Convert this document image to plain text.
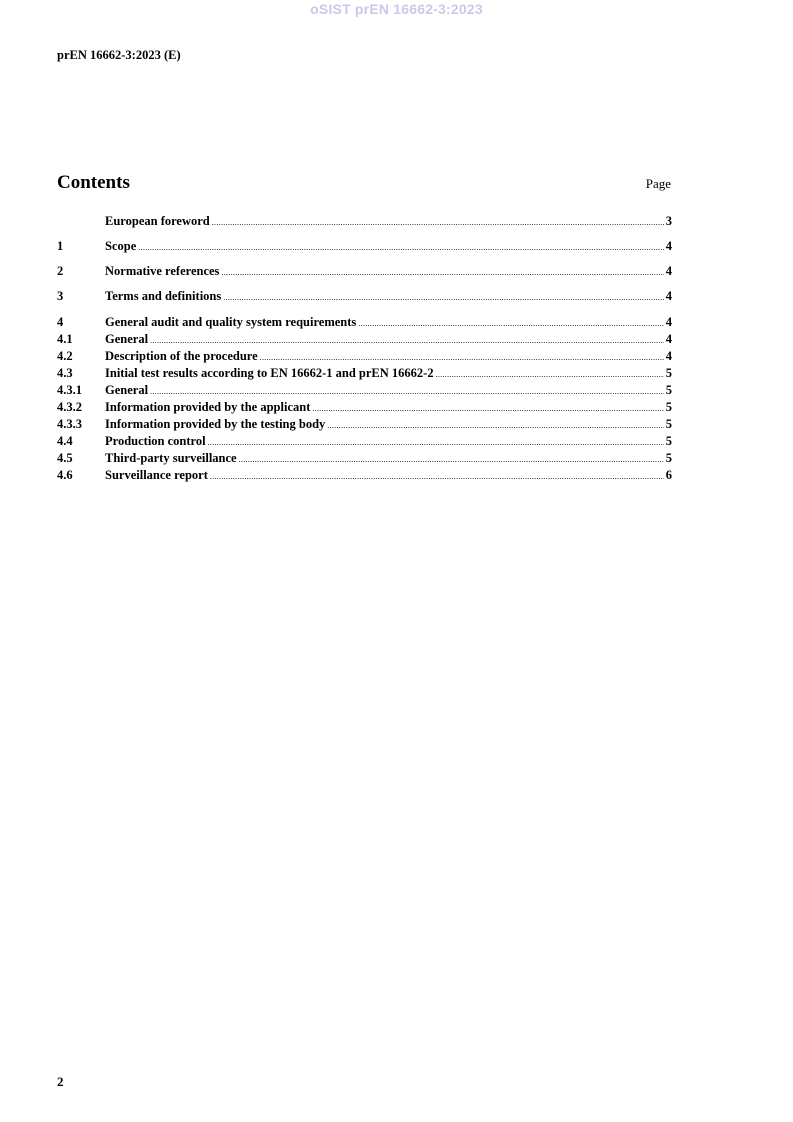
oSIST prEN 16662-3:2023
prEN 16662-3:2023 (E)
Contents	Page
European foreword .....	3
1	Scope .....	4
2	Normative references .....	4
3	Terms and definitions .....	4
4	General audit and quality system requirements .....	4
4.1	General .....	4
4.2	Description of the procedure .....	4
4.3	Initial test results according to EN 16662-1 and prEN 16662-2 .....	5
4.3.1	General .....	5
4.3.2	Information provided by the applicant .....	5
4.3.3	Information provided by the testing body .....	5
4.4	Production control .....	5
4.5	Third-party surveillance .....	5
4.6	Surveillance report .....	6
2
